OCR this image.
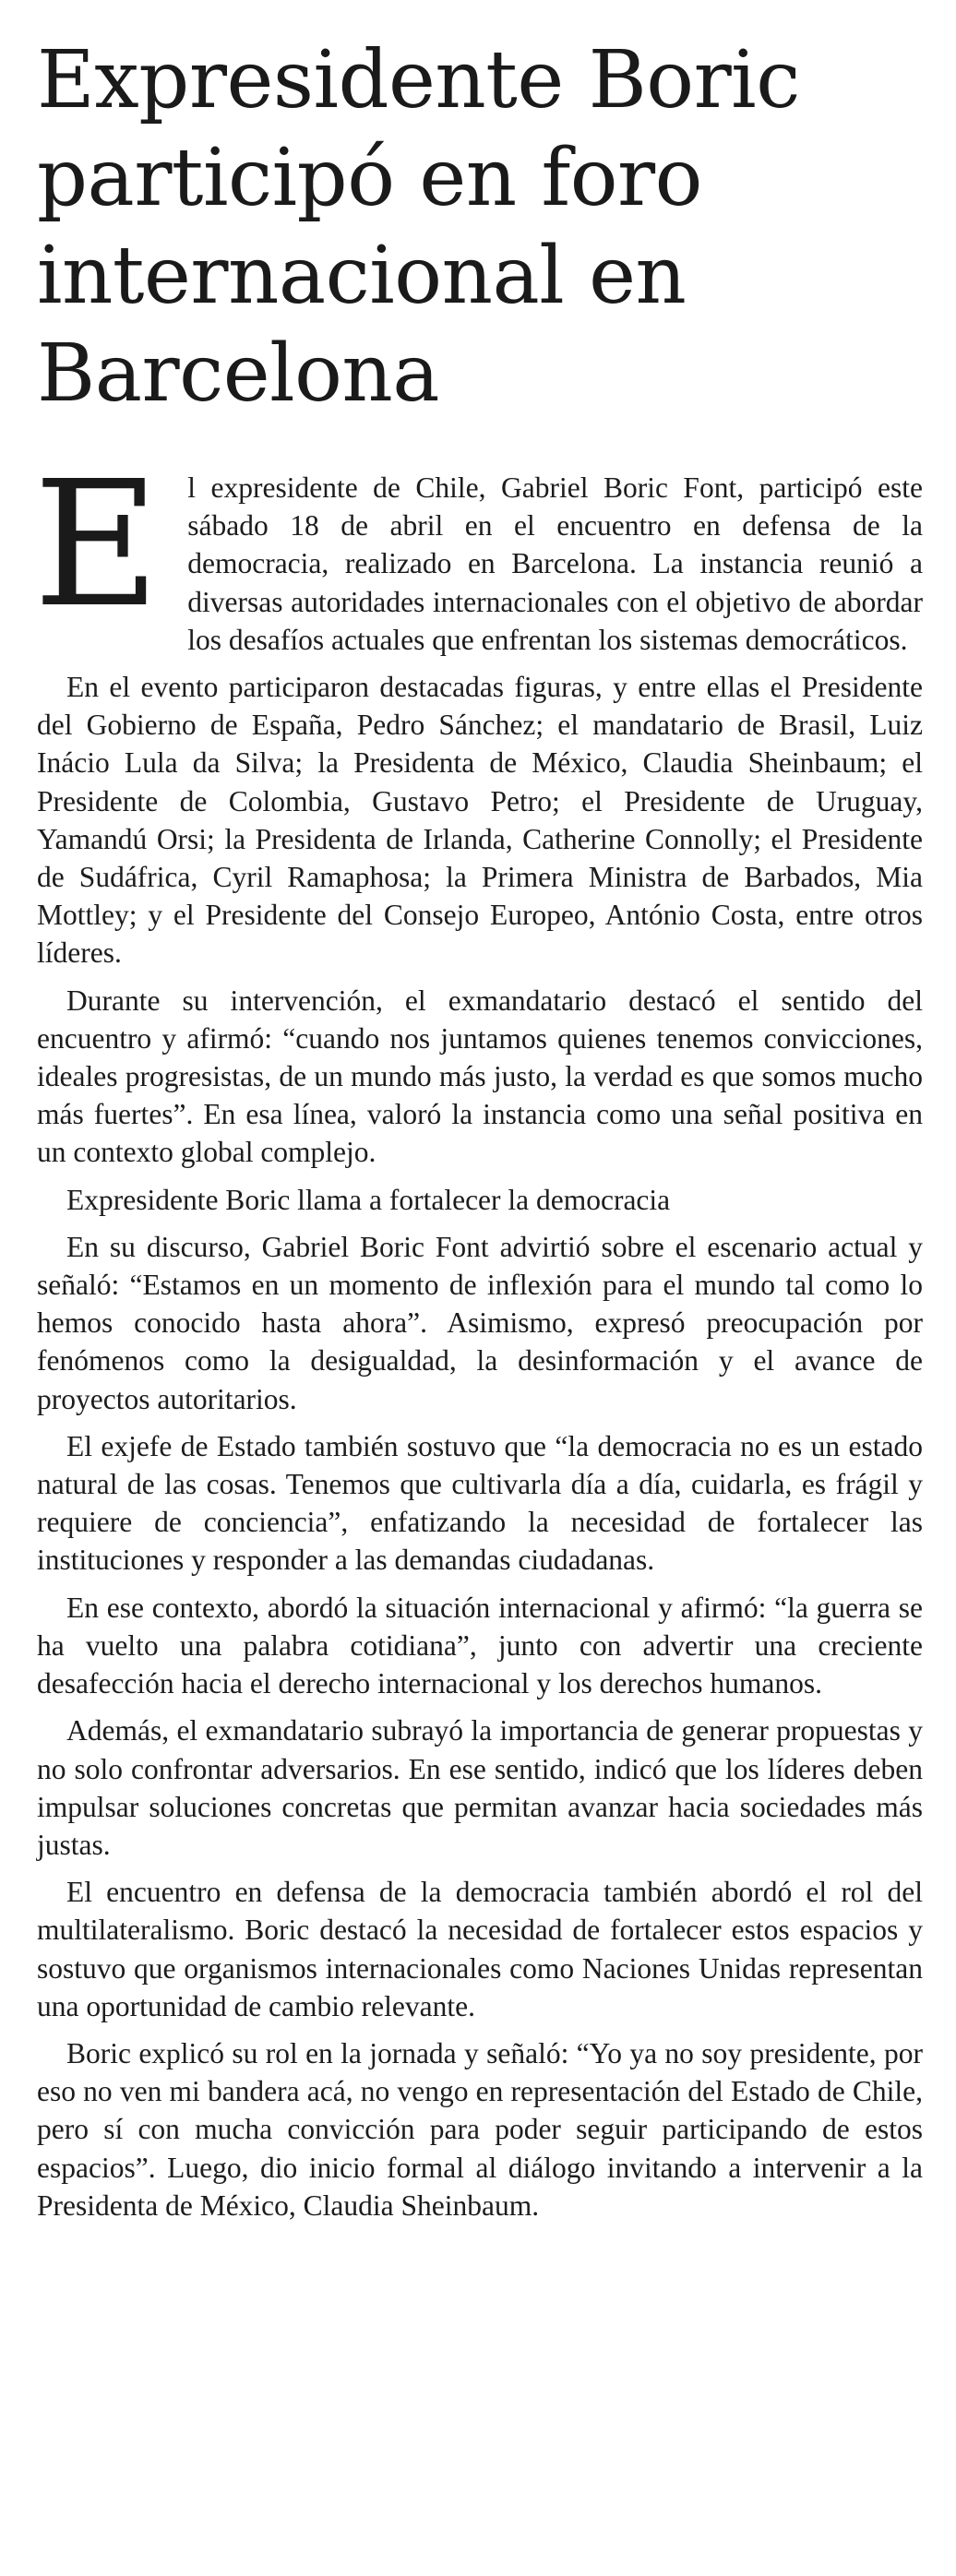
Expresidente Boric participó en foro internacional en Barcelona

El expresidente de Chile, Gabriel Boric Font, participó este sábado 18 de abril en el encuentro en defensa de la democracia, realizado en Barcelona. La instancia reunió a diversas autoridades internacionales con el objetivo de abordar los desafíos actuales que enfrentan los sistemas democráticos.

En el evento participaron destacadas figuras, y entre ellas el Presidente del Gobierno de España, Pedro Sánchez; el mandatario de Brasil, Luiz Inácio Lula da Silva; la Presidenta de México, Claudia Sheinbaum; el Presidente de Colombia, Gustavo Petro; el Presidente de Uruguay, Yamandú Orsi; la Presidenta de Irlanda, Catherine Connolly; el Presidente de Sudáfrica, Cyril Ramaphosa; la Primera Ministra de Barbados, Mia Mottley; y el Presidente del Consejo Europeo, António Costa, entre otros líderes.

Durante su intervención, el exmandatario destacó el sentido del encuentro y afirmó: “cuando nos juntamos quienes tenemos convicciones, ideales progresistas, de un mundo más justo, la verdad es que somos mucho más fuertes”. En esa línea, valoró la instancia como una señal positiva en un contexto global complejo.

Expresidente Boric llama a fortalecer la democracia

En su discurso, Gabriel Boric Font advirtió sobre el escenario actual y señaló: “Estamos en un momento de inflexión para el mundo tal como lo hemos conocido hasta ahora”. Asimismo, expresó preocupación por fenómenos como la desigualdad, la desinformación y el avance de proyectos autoritarios.

El exjefe de Estado también sostuvo que “la democracia no es un estado natural de las cosas. Tenemos que cultivarla día a día, cuidarla, es frágil y requiere de conciencia”, enfatizando la necesidad de fortalecer las instituciones y responder a las demandas ciudadanas.

En ese contexto, abordó la situación internacional y afirmó: “la guerra se ha vuelto una palabra cotidiana”, junto con advertir una creciente desafección hacia el derecho internacional y los derechos humanos.

Además, el exmandatario subrayó la importancia de generar propuestas y no solo confrontar adversarios. En ese sentido, indicó que los líderes deben impulsar soluciones concretas que permitan avanzar hacia sociedades más justas.

El encuentro en defensa de la democracia también abordó el rol del multilateralismo. Boric destacó la necesidad de fortalecer estos espacios y sostuvo que organismos internacionales como Naciones Unidas representan una oportunidad de cambio relevante.

Boric explicó su rol en la jornada y señaló: “Yo ya no soy presidente, por eso no ven mi bandera acá, no vengo en representación del Estado de Chile, pero sí con mucha convicción para poder seguir participando de estos espacios”. Luego, dio inicio formal al diálogo invitando a intervenir a la Presidenta de México, Claudia Sheinbaum.
